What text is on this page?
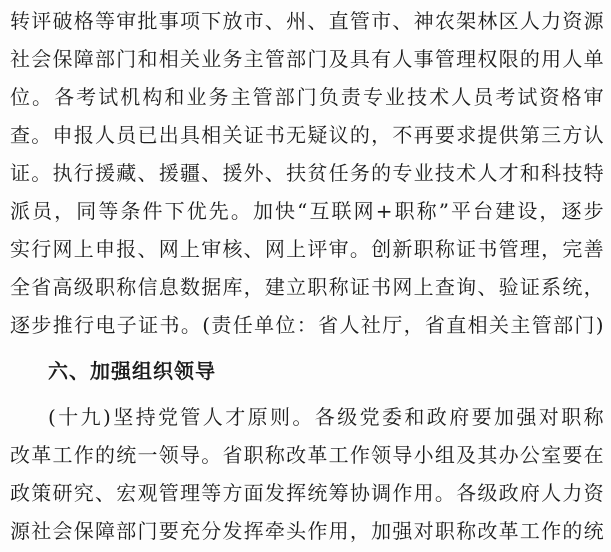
转评破格等审批事项下放市、州、直管市、神农架林区人力资源
社会保障部门和相关业务主管部门及具有人事管理权限的用人单
位。各考试机构和业务主管部门负责专业技术人员考试资格审
查。申报人员已出具相关证书无疑议的，不再要求提供第三方认
证。执行援藏、援疆、援外、扶贫任务的专业技术人才和科技特
派员，同等条件下优先。加快“互联网+职称”平台建设，逐步
实行网上申报、网上审核、网上评审。创新职称证书管理，完善
全省高级职称信息数据库，建立职称证书网上查询、验证系统，
逐步推行电子证书。(责任单位：省人社厅，省直相关主管部门)
六、加强组织领导
(十九)坚持党管人才原则。各级党委和政府要加强对职称
改革工作的统一领导。省职称改革工作领导小组及其办公室要在
政策研究、宏观管理等方面发挥统筹协调作用。各级政府人力资
源社会保障部门要充分发挥牵头作用，加强对职称改革工作的统
